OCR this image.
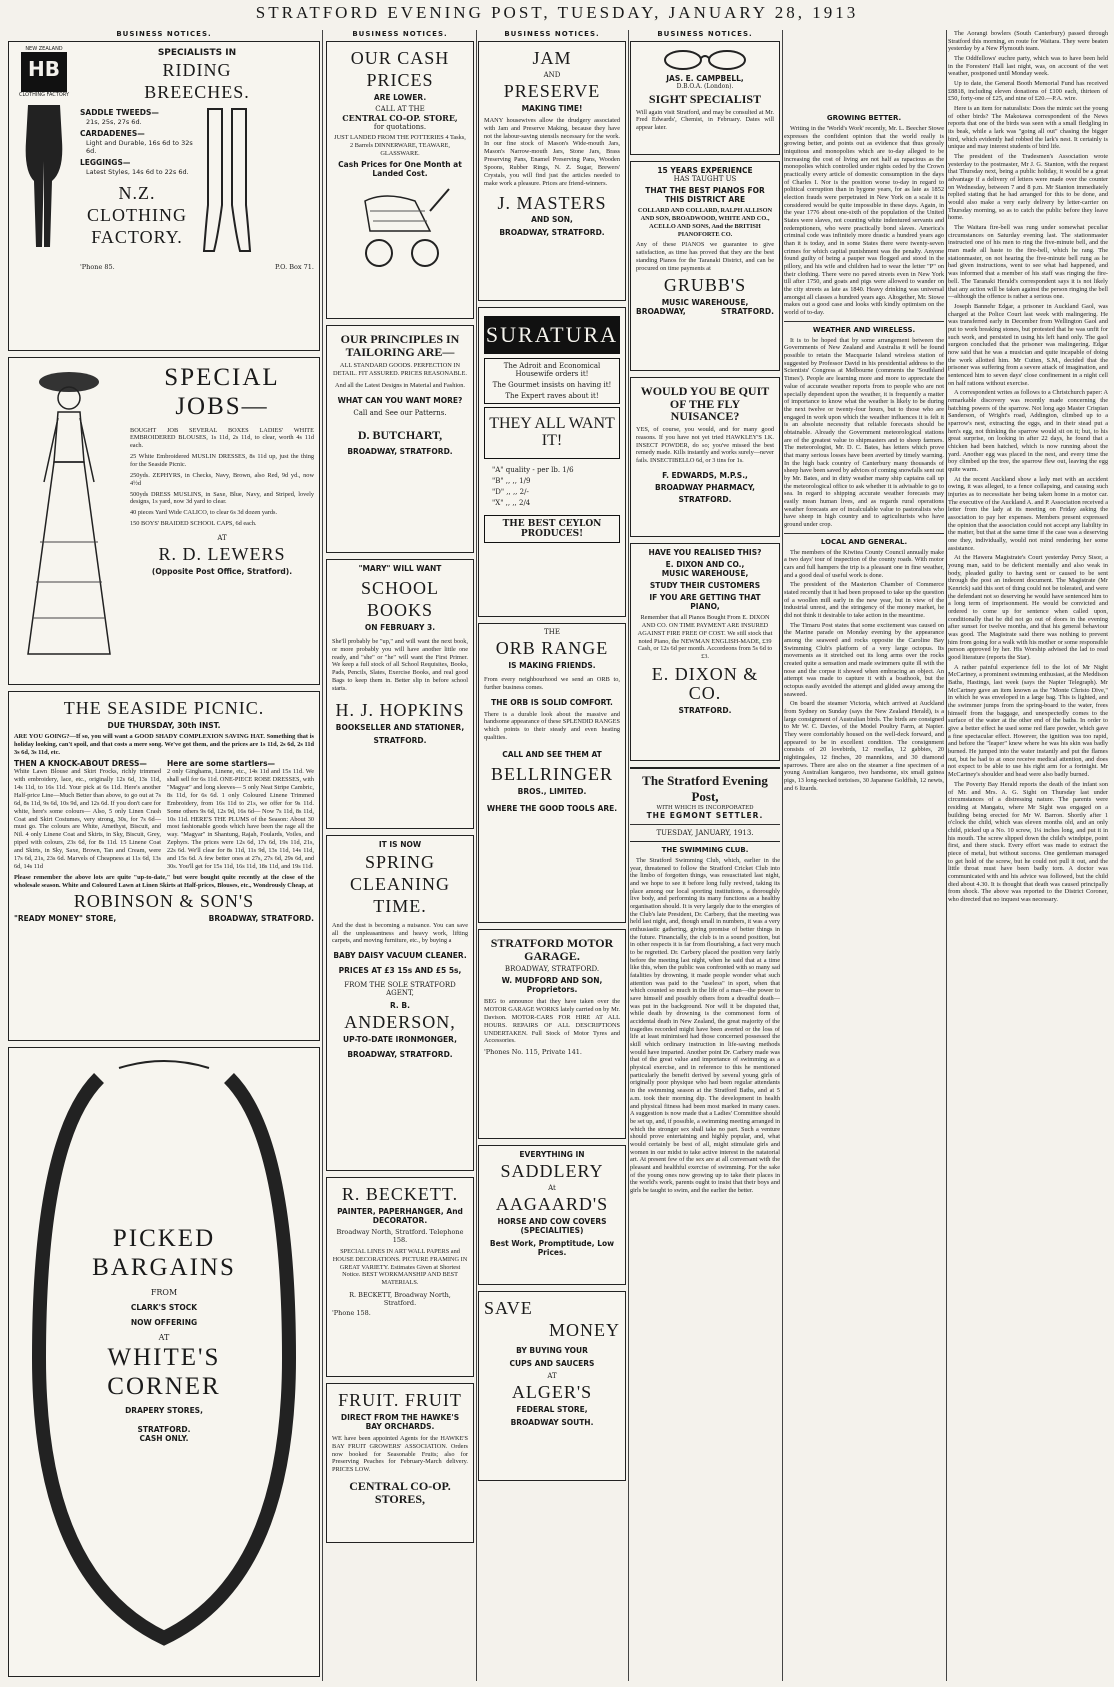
STRATFORD EVENING POST, TUESDAY, JANUARY 28, 1913
BUSINESS NOTICES.
NEW ZEALAND
HB
CLOTHING FACTORY
SPECIALISTS IN
RIDING
BREECHES.
SADDLE TWEEDS—
21s, 25s, 27s 6d.
CARDADENES—
Light and Durable, 16s 6d to 32s 6d.
LEGGINGS—
Latest Styles, 14s 6d to 22s 6d.
N.Z.
CLOTHING
FACTORY.
'Phone 85.	P.O. Box 71.
SPECIAL
JOBS—
BOUGHT JOB SEVERAL BOXES LADIES' WHITE EMBROIDERED BLOUSES, 1s 11d, 2s 11d, to clear, worth 4s 11d each.
25 White Embroidered MUSLIN DRESSES, 8s 11d up, just the thing for the Seaside Picnic.
250yds. ZEPHYRS, in Checks, Navy, Brown, also Red, 9d yd., now 4½d
500yds DRESS MUSLINS, in Saxe, Blue, Navy, and Striped, lovely designs, 1s yard, now 3d yard to clear.
40 pieces Yard Wide CALICO, to clear 6s 3d dozen yards.
150 BOYS' BRAIDED SCHOOL CAPS, 6d each.
AT
R. D. LEWERS
(Opposite Post Office, Stratford).
THE SEASIDE PICNIC.
DUE THURSDAY, 30th INST.
ARE YOU GOING?—If so, you will want a GOOD SHADY COMPLEXION SAVING HAT. Something that is holiday looking, can't spoil, and that costs a mere song. We've got them, and the prices are 1s 11d, 2s 6d, 2s 11d 3s 6d, 3s 11d, etc.
THEN A KNOCK-ABOUT DRESS—
White Lawn Blouse and Skirt Frocks, richly trimmed with embroidery, lace, etc., originally 12s 6d, 13s 11d, 14s 11d, to 16s 11d. Your pick at 6s 11d. Here's another Half-price Line—Much Better than above, to go out at 7s 6d, 8s 11d, 9s 6d, 10s 9d, and 12s 6d. If you don't care for white, here's some colours— Also, 5 only Linen Crash Coat and Skirt Costumes, very strong, 30s, for 7s 6d—must go. The colours are White, Amethyst, Biscuit, and Nil. 4 only Linene Coat and Skirts, in Sky, Biscuit, Grey, piped with colours, 23s 6d, for 8s 11d. 15 Linene Coat and Skirts, in Sky, Saxe, Brown, Tan and Cream, were 17s 6d, 21s, 23s 6d. Marvels of Cheapness at 11s 6d, 13s 6d, 14s 11d
Here are some startlers—
2 only Ginghams, Linene, etc., 14s 11d and 15s 11d. We shall sell for 6s 11d. ONE-PIECE ROBE DRESSES, with "Magyar" and long sleeves— 5 only Neat Stripe Cambric, 8s 11d, for 6s 6d. 1 only Coloured Linene Trimmed Embroidery, from 16s 11d to 21s, we offer for 9s 11d. Some others 9s 6d, 12s 9d, 16s 6d— Now 7s 11d, 8s 11d, 10s 11d. HERE'S THE PLUMS of the Season: About 30 most fashionable goods which have been the rage all the way. "Magyar" in Shantung, Rajah, Foulards, Voiles, and Zephyrs. The prices were 12s 6d, 17s 6d, 19s 11d, 21s, 22s 6d. We'll clear for 8s 11d, 11s 9d, 13s 11d, 14s 11d, and 15s 6d. A few better ones at 27s, 27s 6d, 29s 6d, and 30s. You'll get for 15s 11d, 16s 11d, 18s 11d, and 19s 11d.
Please remember the above lots are quite "up-to-date," but were bought quite recently at the close of the wholesale season. White and Coloured Lawn at Linen Skirts at Half-prices, Blouses, etc., Wondrously Cheap, at
ROBINSON & SON'S
"READY MONEY" STORE,	BROADWAY, STRATFORD.
PICKED
BARGAINS
FROM
CLARK'S STOCK
NOW OFFERING
AT
WHITE'S
CORNER
DRAPERY STORES,
STRATFORD.
CASH ONLY.
BUSINESS NOTICES.
OUR CASH
PRICES
ARE LOWER.
CALL AT THE
CENTRAL CO-OP. STORE,
for quotations.
JUST LANDED FROM THE POTTERIES 4 Tasks, 2 Barrels DINNERWARE, TEAWARE, GLASSWARE.
Cash Prices for One Month at Landed Cost.
OUR PRINCIPLES IN TAILORING ARE—
ALL STANDARD GOODS. PERFECTION IN DETAIL. FIT ASSURED. PRICES REASONABLE.
And all the Latest Designs in Material and Fashion.
WHAT CAN YOU WANT MORE?
Call and See our Patterns.
D. BUTCHART,
BROADWAY, STRATFORD.
"MARY" WILL WANT
SCHOOL
BOOKS
ON FEBRUARY 3.
She'll probably be "up," and will want the next book, or more probably you will have another little one ready, and "she" or "he" will want the First Primer. We keep a full stock of all School Requisites, Books, Pads, Pencils, Slates, Exercise Books, and real good Bags to keep them in. Better slip in before school starts.
H. J. HOPKINS
BOOKSELLER AND STATIONER,
STRATFORD.
IT IS NOW
SPRING
CLEANING
TIME.
And the dust is becoming a nuisance. You can save all the unpleasantness and heavy work, lifting carpets, and moving furniture, etc., by buying a
BABY DAISY VACUUM CLEANER.
PRICES AT £3 15s AND £5 5s,
FROM THE SOLE STRATFORD AGENT,
R. B.
ANDERSON,
UP-TO-DATE IRONMONGER,
BROADWAY, STRATFORD.
R. BECKETT.
PAINTER, PAPERHANGER, And DECORATOR.
Broadway North, Stratford. Telephone 158.
SPECIAL LINES IN ART WALL PAPERS and HOUSE DECORATIONS. PICTURE FRAMING IN GREAT VARIETY. Estimates Given at Shortest Notice. BEST WORKMANSHIP AND BEST MATERIALS.
R. BECKETT, Broadway North, Stratford.
'Phone 158.
FRUIT. FRUIT
DIRECT FROM THE HAWKE'S BAY ORCHARDS.
WE have been appointed Agents for the HAWKE'S BAY FRUIT GROWERS' ASSOCIATION. Orders now booked for Seasonable Fruits; also for Preserving Peaches for February-March delivery. PRICES LOW.
CENTRAL CO-OP. STORES,
BUSINESS NOTICES.
JAM
AND
PRESERVE
MAKING TIME!
MANY housewives allow the drudgery associated with Jam and Preserve Making, because they have not the labour-saving utensils necessary for the work. In our fine stock of Mason's Wide-mouth Jars, Mason's Narrow-mouth Jars, Stone Jars, Brass Preserving Pans, Enamel Preserving Pans, Wooden Spoons, Rubber Rings, N. Z. Sugar, Brewers' Crystals, you will find just the articles needed to make work a pleasure. Prices are friend-winners.
J. MASTERS
AND SON,
BROADWAY, STRATFORD.
SURATURA
The Adroit and Economical
Housewife orders it!
The Gourmet insists on having it!
The Expert raves about it!
THEY ALL WANT IT!
"A" quality - per lb. 1/6
"B" ,, ,, 1/9
"D" ,, ,, 2/-
"X" ,, ,, 2/4
THE BEST CEYLON PRODUCES!
THE
ORB RANGE
IS MAKING FRIENDS.
From every neighbourhood we send an ORB to, further business comes.
THE ORB IS SOLID COMFORT.
There is a durable look about the massive and handsome appearance of these SPLENDID RANGES which points to their steady and even heating qualities.
CALL AND SEE THEM AT
BELLRINGER
BROS., LIMITED.
WHERE THE GOOD TOOLS ARE.
STRATFORD MOTOR GARAGE.
BROADWAY, STRATFORD.
W. MUDFORD AND SON, Proprietors.
BEG to announce that they have taken over the MOTOR GARAGE WORKS lately carried on by Mr. Davison. MOTOR-CARS FOR HIRE AT ALL HOURS. REPAIRS OF ALL DESCRIPTIONS UNDERTAKEN. Full Stock of Motor Tyres and Accessories.
'Phones No. 115, Private 141.
EVERYTHING IN
SADDLERY
At
AAGAARD'S
HORSE AND COW COVERS (SPECIALITIES)
Best Work, Promptitude, Low Prices.
SAVE
MONEY
BY BUYING YOUR
CUPS AND SAUCERS
AT
ALGER'S
FEDERAL STORE,
BROADWAY SOUTH.
BUSINESS NOTICES.
JAS. E. CAMPBELL,
D.B.O.A. (London).
SIGHT SPECIALIST
Will again visit Stratford, and may be consulted at Mr. Fred Edwards', Chemist, in February. Dates will appear later.
15 YEARS EXPERIENCE
HAS TAUGHT US
THAT THE BEST PIANOS FOR THIS DISTRICT ARE
COLLARD AND COLLARD, RALPH ALLISON AND SON, BROADWOOD, WHITE AND CO., ACELLO AND SONS, And the BRITISH PIANOFORTE CO.
Any of these PIANOS we guarantee to give satisfaction, as time has proved that they are the best standing Pianos for the Taranaki District, and can be procured on time payments at
GRUBB'S
MUSIC WAREHOUSE,
BROADWAY,	STRATFORD.
WOULD YOU BE QUIT OF THE FLY NUISANCE?
YES, of course, you would, and for many good reasons. If you have not yet tried HAWKLEY'S I.K. INSECT POWDER, do so; you've missed the best remedy made. Kills instantly and works surely—never fails. INSECTIBELLO 6d, or 3 tins for 1s.
F. EDWARDS, M.P.S.,
BROADWAY PHARMACY,
STRATFORD.
HAVE YOU REALISED THIS?
E. DIXON AND CO.,
MUSIC WAREHOUSE,
STUDY THEIR CUSTOMERS
IF YOU ARE GETTING THAT PIANO,
Remember that all Pianos Bought From E. DIXON AND CO. ON TIME PAYMENT ARE INSURED AGAINST FIRE FREE OF COST. We still stock that noted Piano, the NEWMAN ENGLISH-MADE, £39 Cash, or 12s 6d per month. Accordeons from 5s 6d to £3.
E. DIXON & CO.
STRATFORD.
The Stratford Evening Post,
WITH WHICH IS INCORPORATED
THE EGMONT SETTLER.
TUESDAY, JANUARY, 1913.
THE SWIMMING CLUB.

The Stratford Swimming Club, which, earlier in the year, threatened to follow the Stratford Cricket Club into the limbo of forgotten things, was resuscitated last night, and we hope to see it before long fully revived, taking its place among our local sporting institutions, a thoroughly live body, and performing its many functions as a healthy organisation should. It is very largely due to the energies of the Club's late President, Dr. Carbery, that the meeting was held last night, and, though small in numbers, it was a very enthusiastic gathering, giving promise of better things in the future. Financially, the club is in a sound position, but in other respects it is far from flourishing, a fact very much to be regretted. Dr. Carbery placed the position very fairly before the meeting last night, when he said that at a time like this, when the public was confronted with so many sad fatalities by drowning, it made people wonder what such attention was paid to the "useless" in sport, when that which counted so much in the life of a man—the power to save himself and possibly others from a dreadful death—was put in the background. Nor will it be disputed that, while death by drowning is the commonest form of accidental death in New Zealand, the great majority of the tragedies recorded might have been averted or the loss of life at least minimised had those concerned possessed the skill which ordinary instruction in life-saving methods would have imparted. Another point Dr. Carbery made was that of the great value and importance of swimming as a physical exercise, and in reference to this he mentioned particularly the benefit derived by several young girls of originally poor physique who had been regular attendants in the swimming season at the Stratford Baths, and at 5 a.m. took their morning dip. The development in health and physical fitness had been most marked in many cases. A suggestion is now made that a Ladies' Committee should be set up, and, if possible, a swimming meeting arranged in which the stronger sex shall take no part. Such a venture should prove entertaining and highly popular, and, what would certainly be best of all, might stimulate girls and women in our midst to take active interest in the natatorial art. At present few of the sex are at all conversant with the pleasant and healthful exercise of swimming. For the sake of the young ones now growing up to take their places in the world's work, parents ought to insist that their boys and girls be taught to swim, and the earlier the better.

GROWING BETTER.

Writing in the 'World's Work' recently, Mr. L. Beecher Stowe expresses the confident opinion that the world really is growing better, and points out as evidence that thus grossly iniquitous and monopolies which are to-day alleged to be increasing the cost of living are not half as rapacious as the monopolies which controlled under rights ceded by the Crown practically every article of domestic consumption in the days of Charles I. Nor is the position worse to-day in regard to political corruption than in bygone years, for as late as 1852 election frauds were perpetrated in New York on a scale it is considered would be quite impossible in these days. Again, in the year 1776 about one-sixth of the population of the United States were slaves, not counting white indentured servants and redemptioners, who were practically bond slaves. America's criminal code was infinitely more drastic a hundred years ago than it is today, and in some States there were twenty-seven crimes for which capital punishment was the penalty. Anyone found guilty of being a pauper was flogged and stood in the pillory, and his wife and children had to wear the letter "P" on their clothing. There were no paved streets even in New York till after 1750, and goats and pigs were allowed to wander on the city streets as late as 1840. Heavy drinking was universal amongst all classes a hundred years ago. Altogether, Mr. Stowe makes out a good case and looks with kindly optimism on the world of to-day.

WEATHER AND WIRELESS.

It is to be hoped that by some arrangement between the Governments of New Zealand and Australia it will be found possible to retain the Macquarie Island wireless station of suggested by Professor David in his presidential address to the Scientists' Congress at Melbourne (comments the 'Southland Times'). People are learning more and more to appreciate the value of accurate weather reports from to people who are not specially dependent upon the weather, it is frequently a matter of importance to know what the weather is likely to be during the next twelve or twenty-four hours, but to those who are engaged in work upon which the weather influences it is felt it is an absolute necessity that reliable forecasts should be obtainable. Already the Government meteorological stations are of the greatest value to shipmasters and to sheep farmers. The meteorologist, Mr. D. C. Bates, has letters which prove that many serious losses have been averted by timely warning. In the high back country of Canterbury many thousands of sheep have been saved by advices of coming snowfalls sent out by Mr. Bates, and in dirty weather many ship captains call up the meteorological office to ask whether it is advisable to go to sea. In regard to shipping accurate weather forecasts may easily mean human lives, and as regards rural operations weather forecasts are of incalculable value to pastoralists who have sheep in high country and to agriculturists who have ground under crop.

LOCAL AND GENERAL.

The members of the Kiwitea County Council annually make a two days' tour of inspection of the county roads. With motor cars and full hampers the trip is a pleasant one in fine weather, and a good deal of useful work is done.

The president of the Masterton Chamber of Commerce stated recently that it had been proposed to take up the question of a woollen mill early in the new year, but in view of the industrial unrest, and the stringency of the money market, he did not think it desirable to take action in the meantime.

The Timaru Post states that some excitement was caused on the Marine parade on Monday evening by the appearance among the seaweed and rocks opposite the Caroline Bay Swimming Club's platform of a very large octopus. Its movements as it stretched out its long arms over the rocks created quite a sensation and made swimmers quite ill with the nose and the corpse it showed when embracing an object. An attempt was made to capture it with a boathook, but the octopus easily avoided the attempt and glided away among the seaweed.

On board the steamer Victoria, which arrived at Auckland from Sydney on Sunday (says the New Zealand Herald), is a large consignment of Australian birds. The birds are consigned to Mr W. C. Davies, of the Model Poultry Farm, at Napier. They were comfortably housed on the well-deck forward, and appeared to be in excellent condition. The consignment consists of 20 lovebirds, 12 rosellas, 12 gabbies, 20 nightingales, 12 finches, 20 mannikins, and 30 diamond sparrows. There are also on the steamer a fine specimen of a young Australian kangaroo, two handsome, six small guinea pigs, 13 long-necked tortoises, 30 Japanese Goldfish, 12 newts, and 6 lizards.

The Aorangi bowlers (South Canterbury) passed through Stratford this morning, en route for Waitara. They were beaten yesterday by a New Plymouth team.

The Oddfellows' euchre party, which was to have been held in the Foresters' Hall last night, was, on account of the wet weather, postponed until Monday week.

Up to date, the General Booth Memorial Fund has received £8818, including eleven donations of £100 each, thirteen of £50, forty-one of £25, and nine of £20.—P.A. wire.

Here is an item for naturalists: Does the mimic set the young of other birds? The Makotawa correspondent of the News reports that one of the birds was seen with a small fledgling in its beak, while a lark was "going all out" chasing the bigger bird, which evidently had robbed the lark's nest. It certainly is unique and may interest students of bird life.

The president of the Tradesmen's Association wrote yesterday to the postmaster, Mr J. G. Stanton, with the request that Thursday next, being a public holiday, it would be a great advantage if a delivery of letters were made over the counter on Wednesday, between 7 and 8 p.m. Mr Stanton immediately replied stating that he had arranged for this to be done, and would also make a very early delivery by letter-carrier on Thursday morning, so as to catch the public before they leave home.

The Waitara fire-bell was rung under somewhat peculiar circumstances on Saturday evening last. The stationmaster instructed one of his men to ring the five-minute bell, and the man made all haste to the fire-bell, which he rang. The stationmaster, on not hearing the five-minute bell rung as he had given instructions, went to see what had happened, and was informed that a member of his staff was ringing the fire-bell. The Taranaki Herald's correspondent says it is not likely that any action will be taken against the person ringing the bell—although the offence is rather a serious one.

Joseph Bannehr Edgar, a prisoner in Auckland Gaol, was charged at the Police Court last week with malingering. He was transferred early in December from Wellington Gaol and put to work breaking stones, but protested that he was unfit for such work, and persisted in using his left hand only. The gaol surgeon concluded that the prisoner was malingering. Edgar now said that he was a musician and quite incapable of doing the work allotted him. Mr Cutten, S.M., decided that the prisoner was suffering from a severe attack of imagination, and sentenced him to seven days' close confinement in a night cell on half rations without exercise.

A correspondent writes as follows to a Christchurch paper: A remarkable discovery was recently made concerning the hatching powers of the sparrow. Not long ago Master Crispian Sanderson, of Wright's road, Addington, climbed up to a sparrow's nest, extracting the eggs, and in their stead put a hen's egg, not thinking the sparrow would sit on it; but, to his great surprise, on looking in after 22 days, he found that a chicken had been hatched, which is now running about the yard. Another egg was placed in the nest, and every time the boy climbed up the tree, the sparrow flew out, leaving the egg quite warm.

At the recent Auckland show a lady met with an accident owing, it was alleged, to a fence collapsing, and causing such injuries as to necessitate her being taken home in a motor car. The executive of the Auckland A. and P. Association received a letter from the lady at its meeting on Friday asking the association to pay her expenses. Members present expressed the opinion that the association could not accept any liability in the matter, but that at the same time if the case was a deserving one they, individually, would not mind rendering her some assistance.

At the Hawera Magistrate's Court yesterday Percy Sisor, a young man, said to be deficient mentally and also weak in body, pleaded guilty to having sent or caused to be sent through the post an indecent document. The Magistrate (Mr Kenrick) said this sort of thing could not be tolerated, and were the defendant not so deserving he would have sentenced him to a long term of imprisonment. He would be convicted and ordered to come up for sentence when called upon, conditionally that he did not go out of doors in the evening after sunset for twelve months, and that his general behaviour was good. The Magistrate said there was nothing to prevent him from going for a walk with his mother or some responsible person approved by her. His Worship advised the lad to read good literature (reports the Star).

A rather painful experience fell to the lot of Mr Night McCartney, a prominent swimming enthusiast, at the Meddison Baths, Hastings, last week (says the Napier Telegraph). Mr McCartney gave an item known as the "Monte Christo Dive," in which he was enveloped in a large bag. This is lighted, and the swimmer jumps from the spring-board to the water, frees himself from the baggage, and unexpectedly comes to the surface of the water at the other end of the baths. In order to give a better effect he used some red flare powder, which gave a fine spectacular effect. However, the ignition was too rapid, and before the "leaper" knew where he was his skin was badly burned. He jumped into the water instantly and put the flames out, but he had to at once receive medical attention, and does not expect to be able to use his right arm for a fortnight. Mr McCartney's shoulder and head were also badly burned.

The Poverty Bay Herald reports the death of the infant son of Mr. and Mrs. A. G. Sight on Thursday last under circumstances of a distressing nature. The parents were residing at Mangatu, where Mr Sight was engaged on a building being erected for Mr W. Barron. Shortly after 1 o'clock the child, which was eleven months old, and an only child, picked up a No. 10 screw, 1¼ inches long, and put it in his mouth. The screw slipped down the child's windpipe, point first, and there stuck. Every effort was made to extract the piece of metal, but without success. One gentleman managed to get hold of the screw, but he could not pull it out, and the little throat must have been badly torn. A doctor was communicated with and his advice was followed, but the child died about 4.30. It is thought that death was caused principally from shock. The above was reported to the District Coroner, who directed that no inquest was necessary.
